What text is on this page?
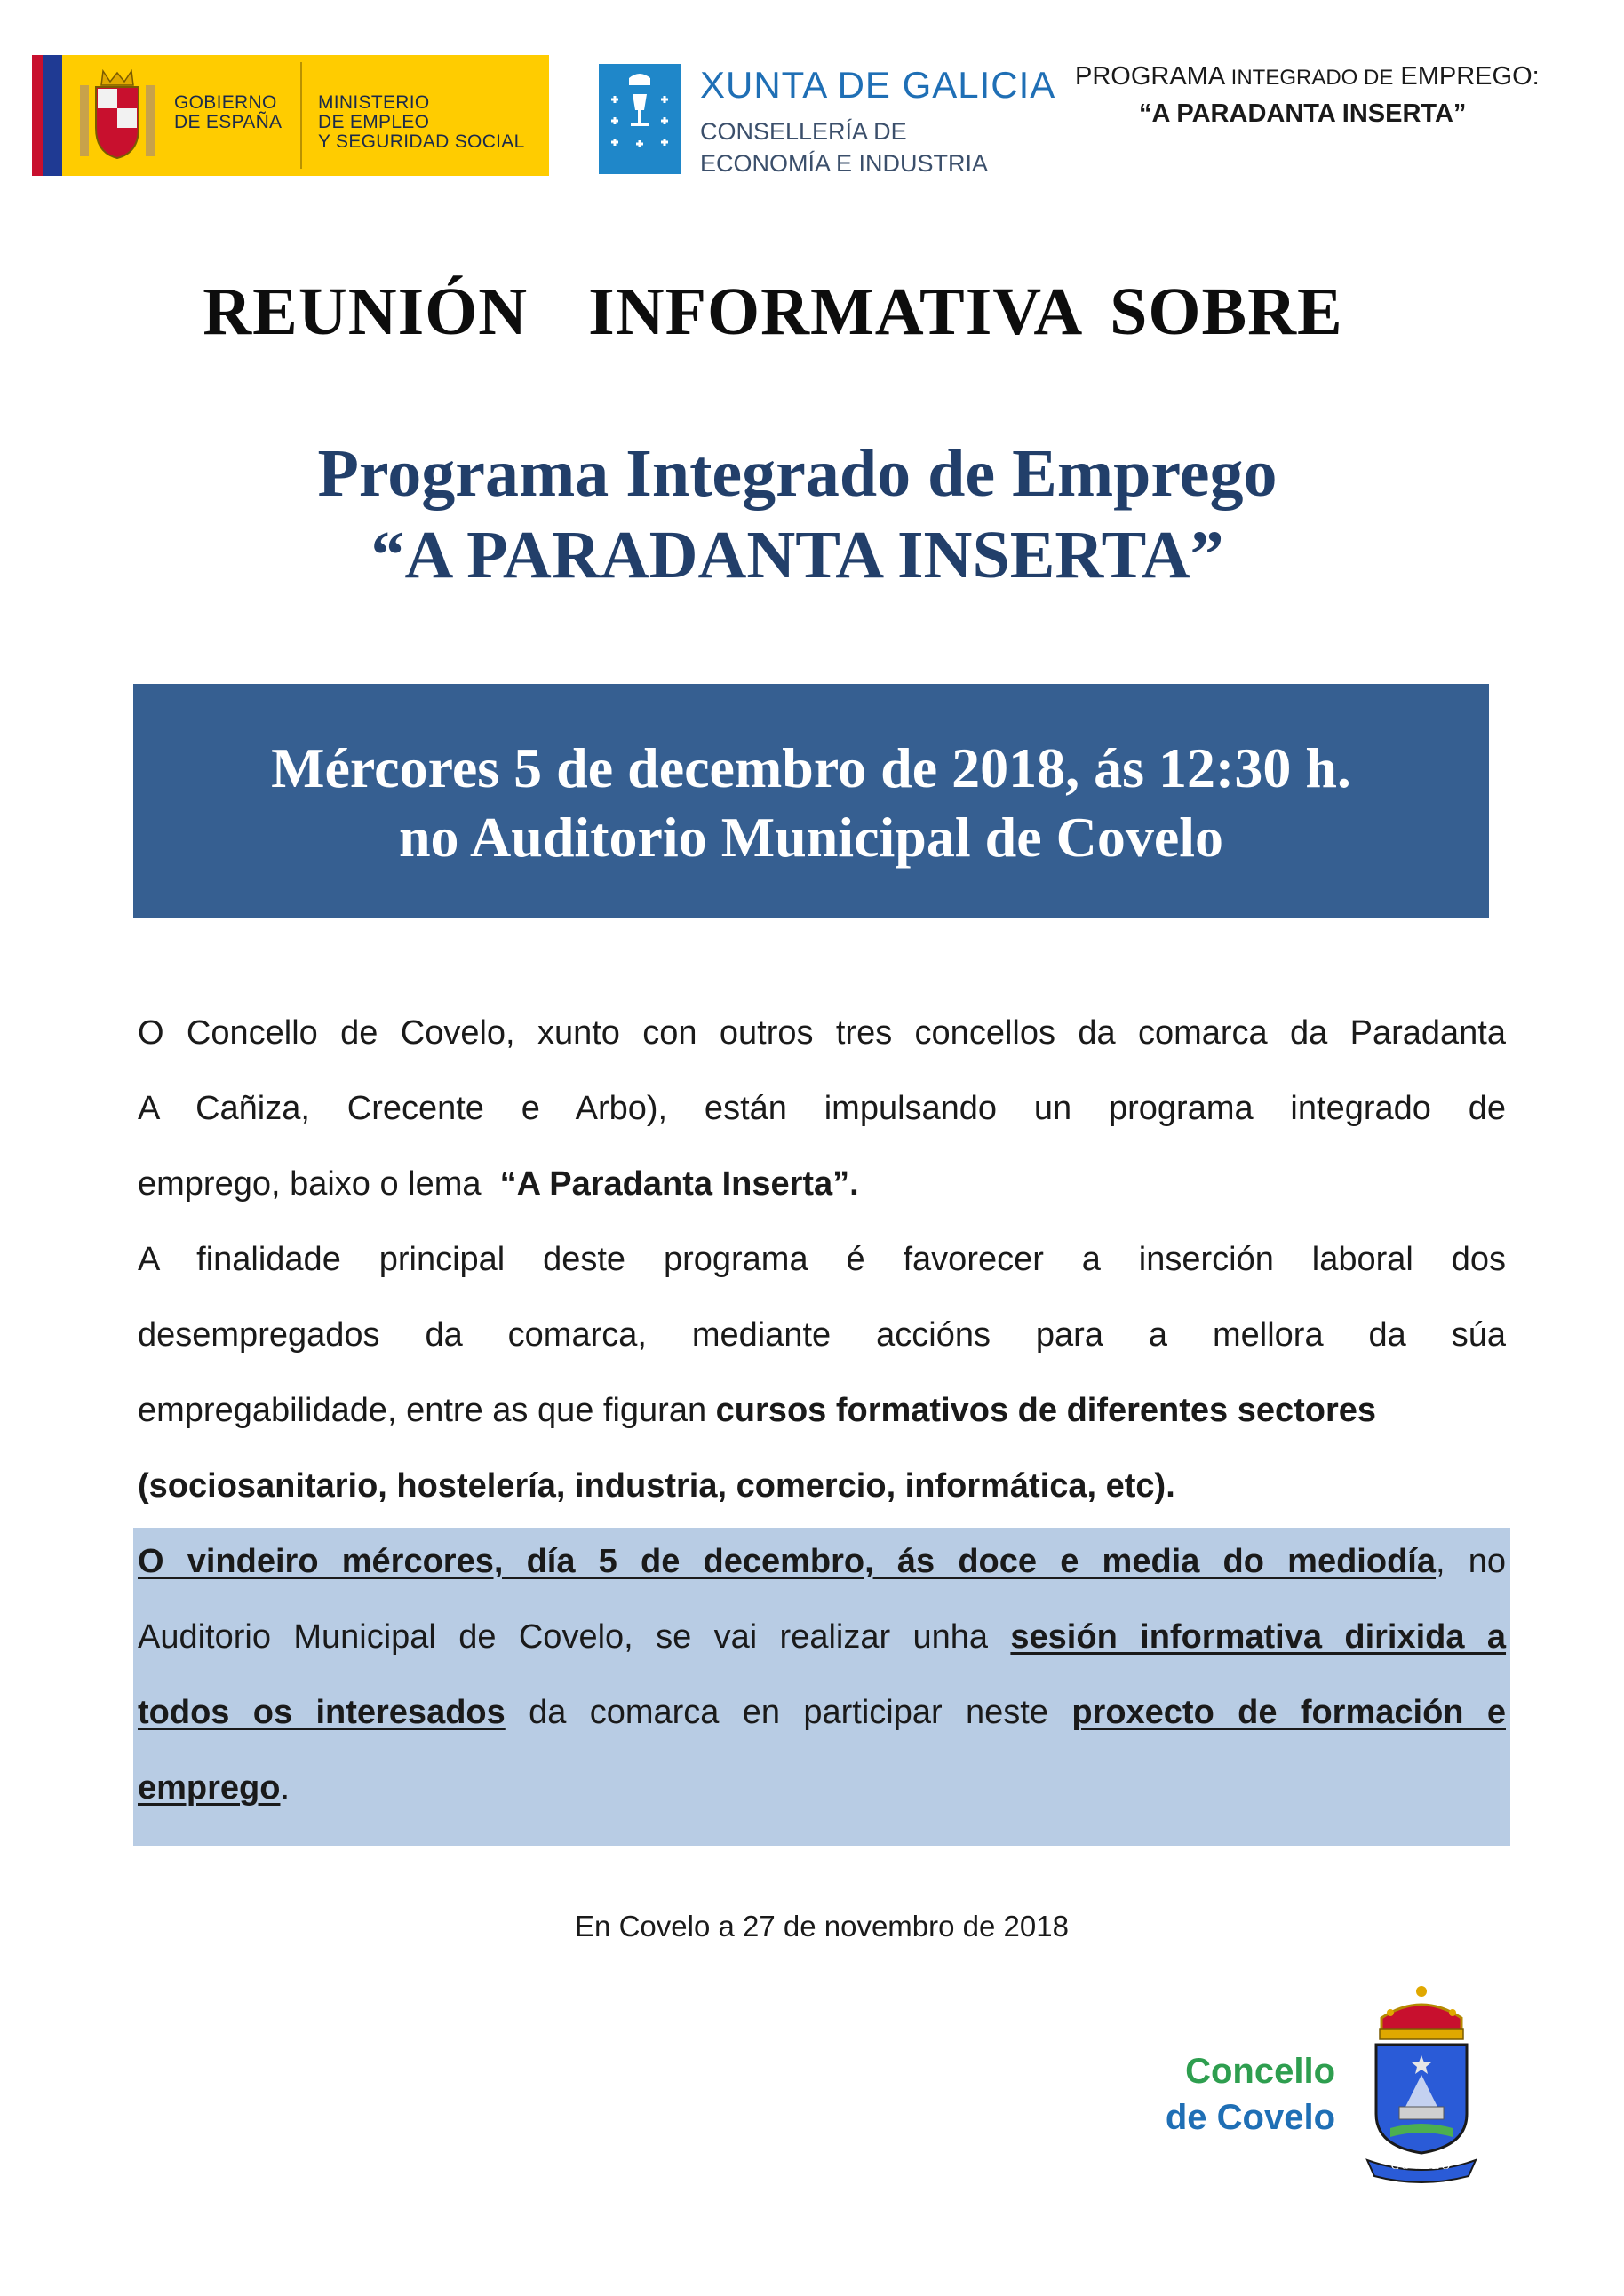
GOBIERNO
DE ESPAÑA
MINISTERIO
DE EMPLEO
Y SEGURIDAD SOCIAL
XUNTA DE GALICIA
CONSELLERÍA DE
ECONOMÍA E INDUSTRIA
PROGRAMA INTEGRADO DE EMPREGO:
“A PARADANTA INSERTA”
REUNIÓN  INFORMATIVA SOBRE
Programa Integrado de Emprego
“A PARADANTA INSERTA”
Mércores 5 de decembro de 2018, ás 12:30 h.
no Auditorio Municipal de Covelo
O Concello de Covelo, xunto con outros tres concellos da comarca da Paradanta
A Cañiza, Crecente e Arbo), están impulsando un programa integrado de
emprego, baixo o lema  “A Paradanta Inserta”.
A finalidade principal deste programa é favorecer a inserción laboral dos
desempregados da comarca, mediante accións para a mellora da súa
empregabilidade, entre as que figuran cursos formativos de diferentes sectores
(sociosanitario, hostelería, industria, comercio, informática, etc).
O vindeiro mércores, día 5 de decembro, ás doce e media do mediodía, no
Auditorio Municipal de Covelo, se vai realizar unha sesión informativa dirixida a
todos os interesados da comarca en participar neste proxecto de formación e
emprego.
En Covelo a 27 de novembro de 2018
Concello
de Covelo
COVELO
